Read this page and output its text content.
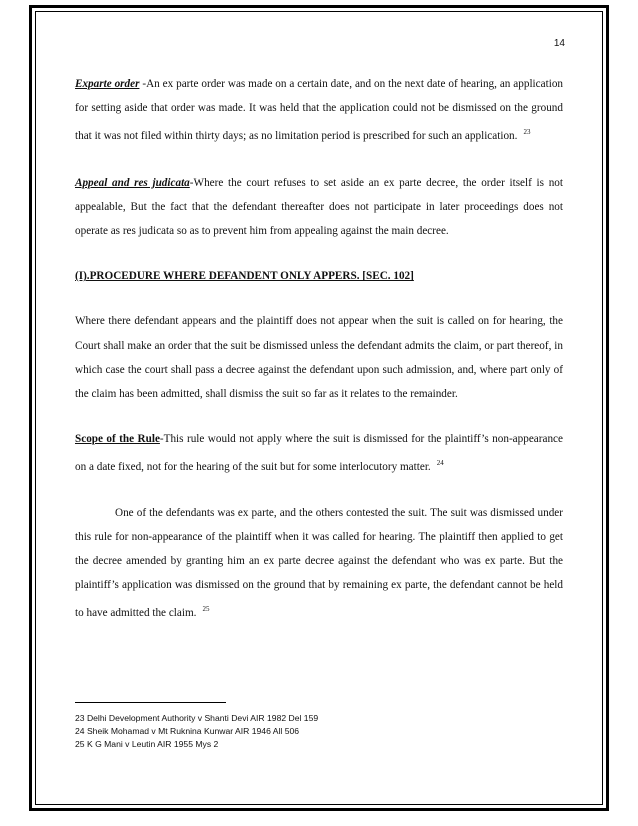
14

Exparte order -An ex parte order was made on a certain date, and on the next date of hearing, an application for setting aside that order was made. It was held that the application could not be dismissed on the ground that it was not filed within thirty days; as no limitation period is prescribed for such an application. $^{23}$

Appeal and res judicata-Where the court refuses to set aside an ex parte decree, the order itself is not appealable, But the fact that the defendant thereafter does not participate in later proceedings does not operate as res judicata so as to prevent him from appealing against the main decree.

(I).PROCEDURE WHERE DEFANDENT ONLY APPERS. [SEC. 102]

Where there defendant appears and the plaintiff does not appear when the suit is called on for hearing, the Court shall make an order that the suit be dismissed unless the defendant admits the claim, or part thereof, in which case the court shall pass a decree against the defendant upon such admission, and, where part only of the claim has been admitted, shall dismiss the suit so far as it relates to the remainder.

Scope of the Rule-This rule would not apply where the suit is dismissed for the plaintiff’s non-appearance on a date fixed, not for the hearing of the suit but for some interlocutory matter. $^{24}$

One of the defendants was ex parte, and the others contested the suit. The suit was dismissed under this rule for non-appearance of the plaintiff when it was called for hearing. The plaintiff then applied to get the decree amended by granting him an ex parte decree against the defendant who was ex parte. But the plaintiff’s application was dismissed on the ground that by remaining ex parte, the defendant cannot be held to have admitted the claim. $^{25}$

23 Delhi Development Authority v Shanti Devi AIR 1982 Del 159
24 Sheik Mohamad v Mt Ruknina Kunwar AIR 1946 All 506
25 K G Mani v Leutin AIR 1955 Mys 2
